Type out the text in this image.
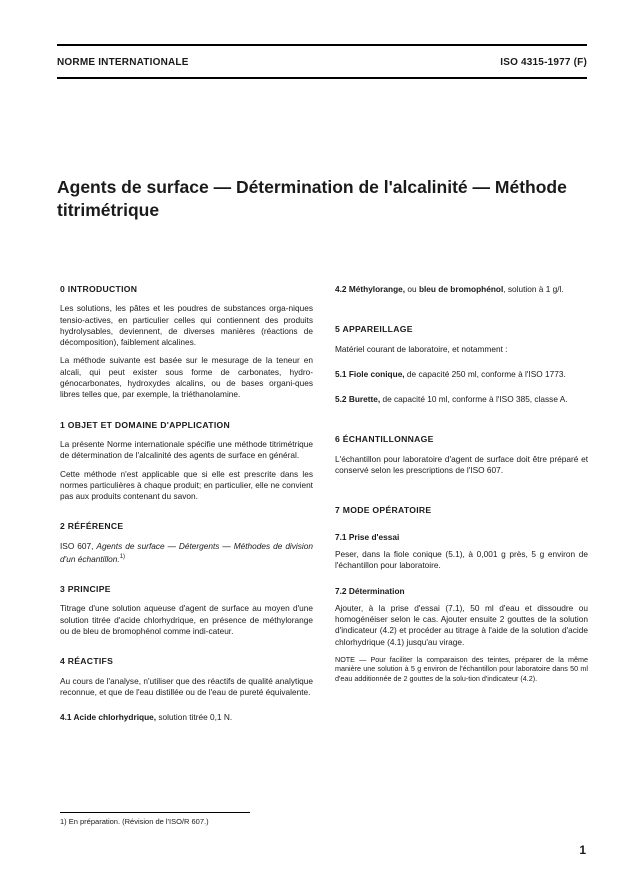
NORME INTERNATIONALE	ISO 4315-1977 (F)
Agents de surface — Détermination de l'alcalinité — Méthode
titrimétrique
0 INTRODUCTION
Les solutions, les pâtes et les poudres de substances orga-niques tensio-actives, en particulier celles qui contiennent des produits hydrolysables, deviennent, de diverses manières (réactions de décomposition), faiblement alcalines.
La méthode suivante est basée sur le mesurage de la teneur en alcali, qui peut exister sous forme de carbonates, hydro-génocarbonates, hydroxydes alcalins, ou de bases organi-ques libres telles que, par exemple, la triéthanolamine.
1 OBJET ET DOMAINE D'APPLICATION
La présente Norme internationale spécifie une méthode titrimétrique de détermination de l'alcalinité des agents de surface en général.
Cette méthode n'est applicable que si elle est prescrite dans les normes particulières à chaque produit; en particulier, elle ne convient pas aux produits contenant du savon.
2 RÉFÉRENCE
ISO 607, Agents de surface — Détergents — Méthodes de division d'un échantillon.$^{1)}$
3 PRINCIPE
Titrage d'une solution aqueuse d'agent de surface au moyen d'une solution titrée d'acide chlorhydrique, en présence de méthylorange ou de bleu de bromophénol comme indi-cateur.
4 RÉACTIFS
Au cours de l'analyse, n'utiliser que des réactifs de qualité analytique reconnue, et que de l'eau distillée ou de l'eau de pureté équivalente.
4.1 Acide chlorhydrique, solution titrée 0,1 N.
4.2 Méthylorange, ou bleu de bromophénol, solution à 1 g/l.
5 APPAREILLAGE
Matériel courant de laboratoire, et notamment :
5.1 Fiole conique, de capacité 250 ml, conforme à l'ISO 1773.
5.2 Burette, de capacité 10 ml, conforme à l'ISO 385, classe A.
6 ÉCHANTILLONNAGE
L'échantillon pour laboratoire d'agent de surface doit être préparé et conservé selon les prescriptions de l'ISO 607.
7 MODE OPÉRATOIRE
7.1 Prise d'essai
Peser, dans la fiole conique (5.1), à 0,001 g près, 5 g environ de l'échantillon pour laboratoire.
7.2 Détermination
Ajouter, à la prise d'essai (7.1), 50 ml d'eau et dissoudre ou homogénéiser selon le cas. Ajouter ensuite 2 gouttes de la solution d'indicateur (4.2) et procéder au titrage à l'aide de la solution d'acide chlorhydrique (4.1) jusqu'au virage.
NOTE — Pour faciliter la comparaison des teintes, préparer de la même manière une solution à 5 g environ de l'échantillon pour laboratoire dans 50 ml d'eau additionnée de 2 gouttes de la solu-tion d'indicateur (4.2).
1) En préparation. (Révision de l'ISO/R 607.)
1
